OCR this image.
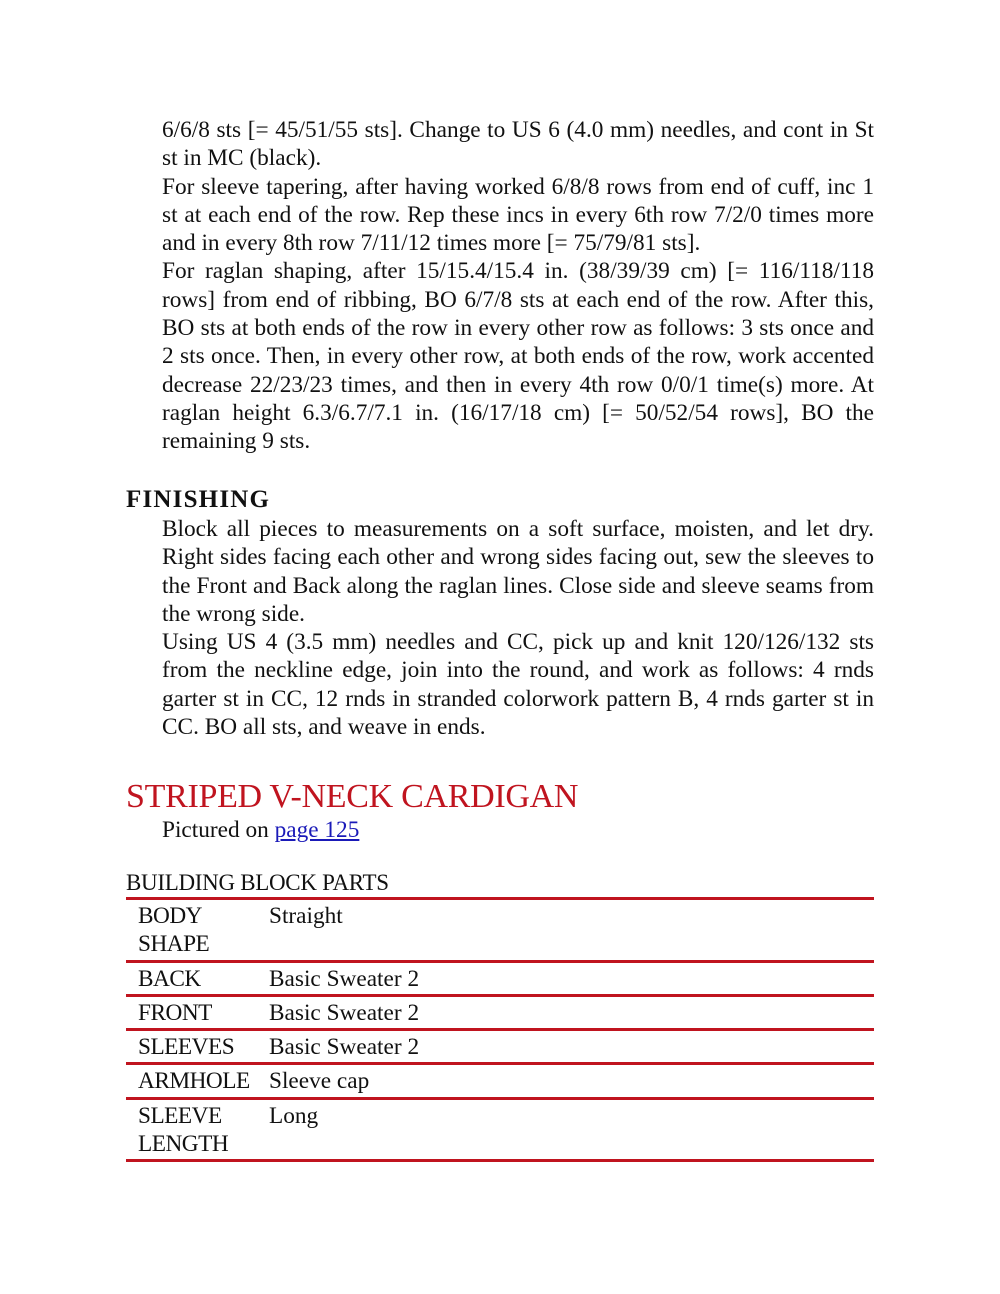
6/6/8 sts [= 45/51/55 sts]. Change to US 6 (4.0 mm) needles, and cont in St st in MC (black).

For sleeve tapering, after having worked 6/8/8 rows from end of cuff, inc 1 st at each end of the row. Rep these incs in every 6th row 7/2/0 times more and in every 8th row 7/11/12 times more [= 75/79/81 sts].

For raglan shaping, after 15/15.4/15.4 in. (38/39/39 cm) [= 116/118/118 rows] from end of ribbing, BO 6/7/8 sts at each end of the row. After this, BO sts at both ends of the row in every other row as follows: 3 sts once and 2 sts once. Then, in every other row, at both ends of the row, work accented decrease 22/23/23 times, and then in every 4th row 0/0/1 time(s) more. At raglan height 6.3/6.7/7.1 in. (16/17/18 cm) [= 50/52/54 rows], BO the remaining 9 sts.

FINISHING

Block all pieces to measurements on a soft surface, moisten, and let dry. Right sides facing each other and wrong sides facing out, sew the sleeves to the Front and Back along the raglan lines. Close side and sleeve seams from the wrong side.

Using US 4 (3.5 mm) needles and CC, pick up and knit 120/126/132 sts from the neckline edge, join into the round, and work as follows: 4 rnds garter st in CC, 12 rnds in stranded colorwork pattern B, 4 rnds garter st in CC. BO all sts, and weave in ends.

STRIPED V-NECK CARDIGAN
Pictured on page 125
BUILDING BLOCK PARTS
BODY SHAPE	Straight
BACK	Basic Sweater 2
FRONT	Basic Sweater 2
SLEEVES	Basic Sweater 2
ARMHOLE	Sleeve cap
SLEEVE LENGTH	Long
